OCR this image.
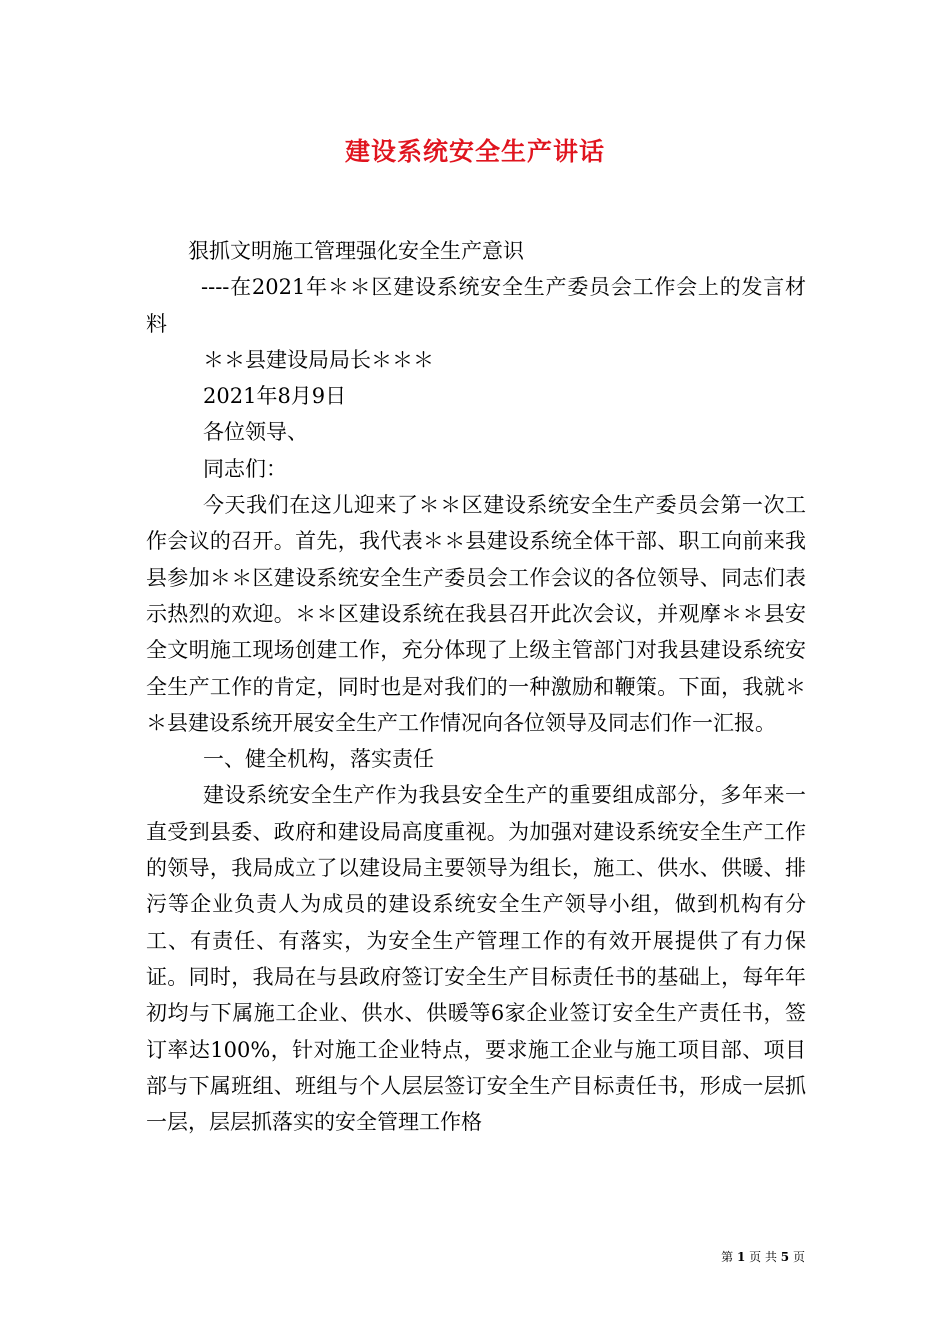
建设系统安全生产讲话

狠抓文明施工管理强化安全生产意识

----在2021年＊＊区建设系统安全生产委员会工作会上的发言材料

＊＊县建设局局长＊＊＊

2021年8月9日

各位领导、

同志们：

今天我们在这儿迎来了＊＊区建设系统安全生产委员会第一次工作会议的召开。首先，我代表＊＊县建设系统全体干部、职工向前来我县参加＊＊区建设系统安全生产委员会工作会议的各位领导、同志们表示热烈的欢迎。＊＊区建设系统在我县召开此次会议，并观摩＊＊县安全文明施工现场创建工作，充分体现了上级主管部门对我县建设系统安全生产工作的肯定，同时也是对我们的一种激励和鞭策。下面，我就＊＊县建设系统开展安全生产工作情况向各位领导及同志们作一汇报。

一、健全机构，落实责任

建设系统安全生产作为我县安全生产的重要组成部分，多年来一直受到县委、政府和建设局高度重视。为加强对建设系统安全生产工作的领导，我局成立了以建设局主要领导为组长，施工、供水、供暖、排污等企业负责人为成员的建设系统安全生产领导小组，做到机构有分工、有责任、有落实，为安全生产管理工作的有效开展提供了有力保证。同时，我局在与县政府签订安全生产目标责任书的基础上，每年年初均与下属施工企业、供水、供暖等6家企业签订安全生产责任书，签订率达100%，针对施工企业特点，要求施工企业与施工项目部、项目部与下属班组、班组与个人层层签订安全生产目标责任书，形成一层抓一层，层层抓落实的安全管理工作格

第 1 页 共 5 页
